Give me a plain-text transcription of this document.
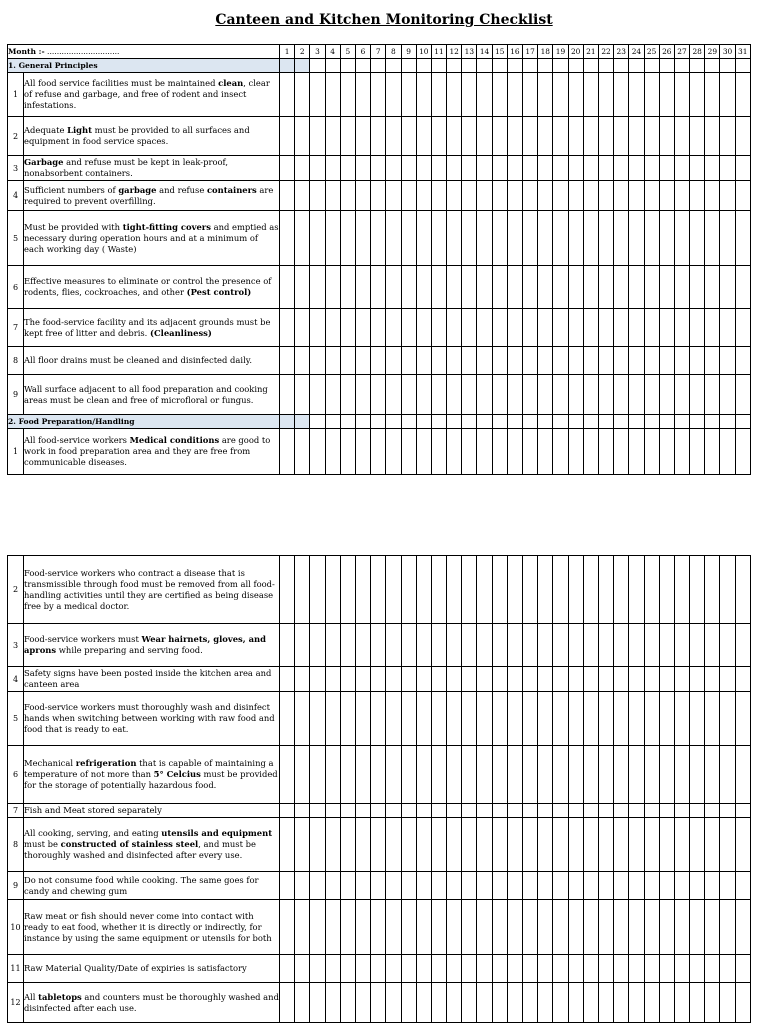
Canteen and Kitchen Monitoring Checklist
Month :- ..............................		1	2	3	4	5	6	7	8	9	10	11	12	13	14	15	16	17	18	19	20	21	22	23	24	25	26	27	28	29	30	31
1. General Principles																																
1	All food service facilities must be maintained clean, clear of refuse and garbage, and free of rodent and insect infestations.																															
2	Adequate Light must be provided to all surfaces and equipment in food service spaces.																															
3	Garbage and refuse must be kept in leak-proof, nonabsorbent containers.																															
4	Sufficient numbers of garbage and refuse containers are required to prevent overfilling.																															
5	Must be provided with tight-fitting covers and emptied as necessary during operation hours and at a minimum of each working day ( Waste)																															
6	Effective measures to eliminate or control the presence of rodents, flies, cockroaches, and other (Pest control)																															
7	The food-service facility and its adjacent grounds must be kept free of litter and debris. (Cleanliness)																															
8	All floor drains must be cleaned and disinfected daily.																															
9	Wall surface adjacent to all food preparation and cooking areas must be clean and free of microfloral or fungus.																															
2. Food Preparation/Handling																																
1	All food-service workers Medical conditions are good to work in food preparation area and they are free from communicable diseases.																															
2	Food-service workers who contract a disease that is transmissible through food must be removed from all food-handling activities until they are certified as being disease free by a medical doctor.																															
3	Food-service workers must Wear hairnets, gloves, and aprons while preparing and serving food.																															
4	Safety signs have been posted inside the kitchen area and canteen area																															
5	Food-service workers must thoroughly wash and disinfect hands when switching between working with raw food and food that is ready to eat.																															
6	Mechanical refrigeration that is capable of maintaining a temperature of not more than 5° Celcius must be provided for the storage of potentially hazardous food.																															
7	Fish and Meat stored separately																															
8	All cooking, serving, and eating utensils and equipment must be constructed of stainless steel, and must be thoroughly washed and disinfected after every use.																															
9	Do not consume food while cooking. The same goes for candy and chewing gum																															
10	Raw meat or fish should never come into contact with ready to eat food, whether it is directly or indirectly, for instance by using the same equipment or utensils for both																															
11	Raw Material Quality/Date of expiries is satisfactory																															
12	All tabletops and counters must be thoroughly washed and disinfected after each use.																															
